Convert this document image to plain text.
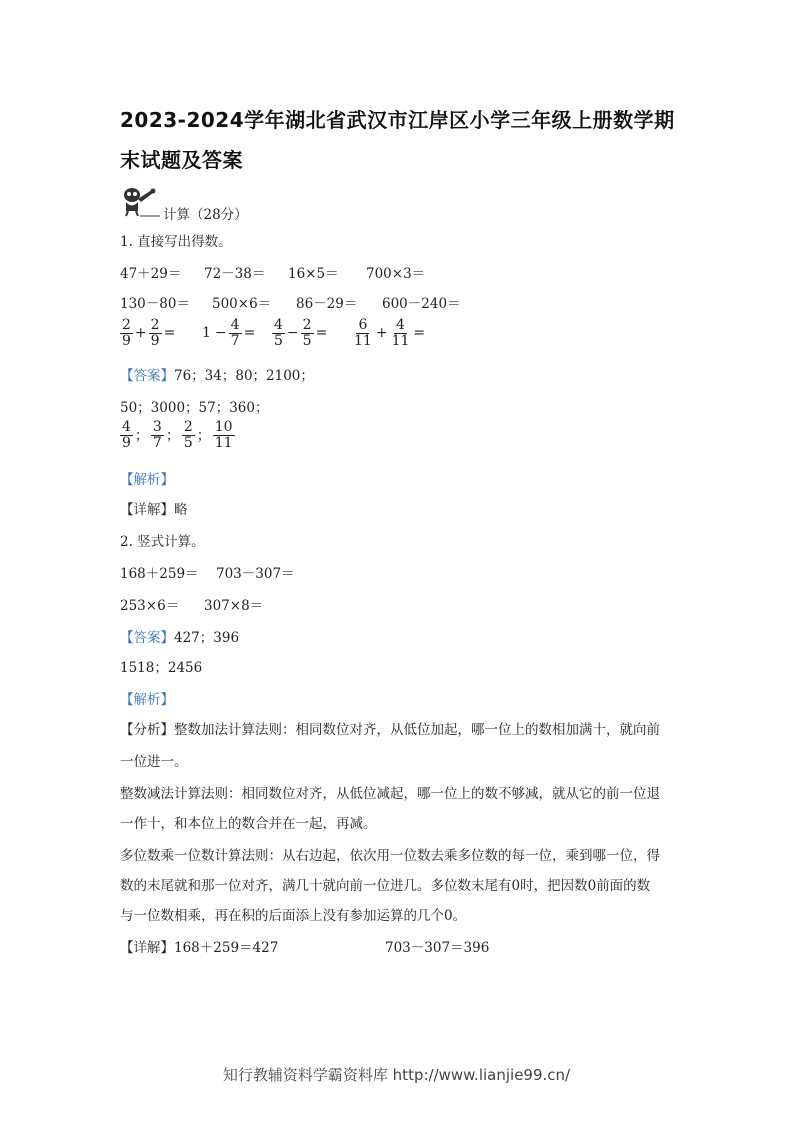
2023-2024学年湖北省武汉市江岸区小学三年级上册数学期
末试题及答案
计算（28分）
1. 直接写出得数。
47＋29＝ 72－38＝ 16×5＝ 700×3＝
130－80＝ 500×6＝ 86－29＝ 600－240＝
$\frac{2}{9} + \frac{2}{9} = 1 - \frac{4}{7} = \frac{4}{5} - \frac{2}{5} = \frac{6}{11} + \frac{4}{11}$ =
【答案】76；34；80；2100；
50；3000；57；360；
$\frac{4}{9}$ ； $\frac{3}{7}$ ； $\frac{2}{5}$ ； $\frac{10}{11}$
【解析】
【详解】略
2. 竖式计算。
168＋259＝ 703－307＝
253×6＝ 307×8＝
【答案】427；396
1518；2456
【解析】
【分析】整数加法计算法则：相同数位对齐，从低位加起，哪一位上的数相加满十，就向前
一位进一。
整数减法计算法则：相同数位对齐，从低位减起，哪一位上的数不够减，就从它的前一位退
一作十，和本位上的数合并在一起，再减。
多位数乘一位数计算法则：从右边起，依次用一位数去乘多位数的每一位，乘到哪一位，得
数的末尾就和那一位对齐，满几十就向前一位进几。多位数末尾有0时，把因数0前面的数
与一位数相乘，再在积的后面添上没有参加运算的几个0。
【详解】168＋259＝427	703－307＝396
知行教辅资料学霸资料库 http://www.lianjie99.cn/
